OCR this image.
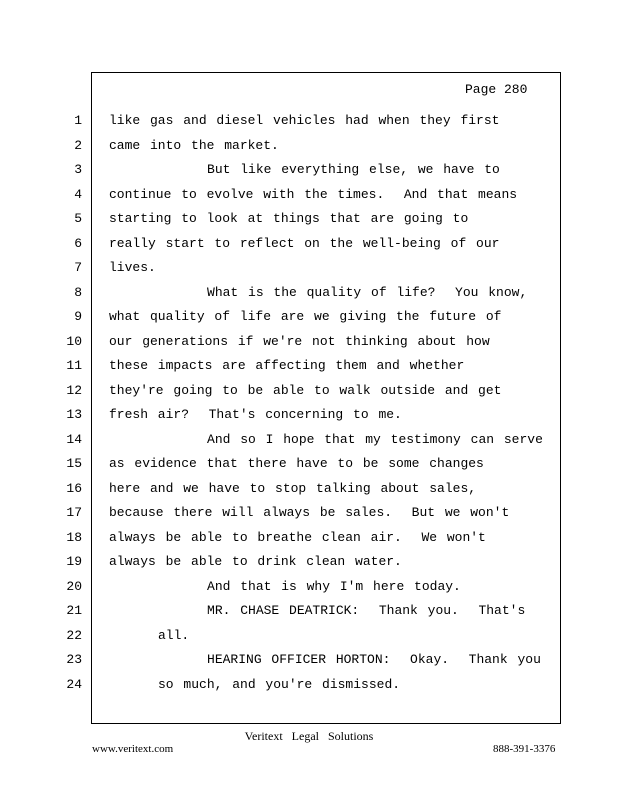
Page 280
1 like gas and diesel vehicles had when they first
2 came into the market.
3 But like everything else, we have to
4 continue to evolve with the times.  And that means
5 starting to look at things that are going to
6 really start to reflect on the well-being of our
7 lives.
8 What is the quality of life?  You know,
9 what quality of life are we giving the future of
10 our generations if we're not thinking about how
11 these impacts are affecting them and whether
12 they're going to be able to walk outside and get
13 fresh air?  That's concerning to me.
14 And so I hope that my testimony can serve
15 as evidence that there have to be some changes
16 here and we have to stop talking about sales,
17 because there will always be sales.  But we won't
18 always be able to breathe clean air.  We won't
19 always be able to drink clean water.
20 And that is why I'm here today.
21 MR. CHASE DEATRICK:  Thank you.  That's
22 all.
23 HEARING OFFICER HORTON:  Okay.  Thank you
24 so much, and you're dismissed.
Veritext Legal Solutions
www.veritext.com	888-391-3376
